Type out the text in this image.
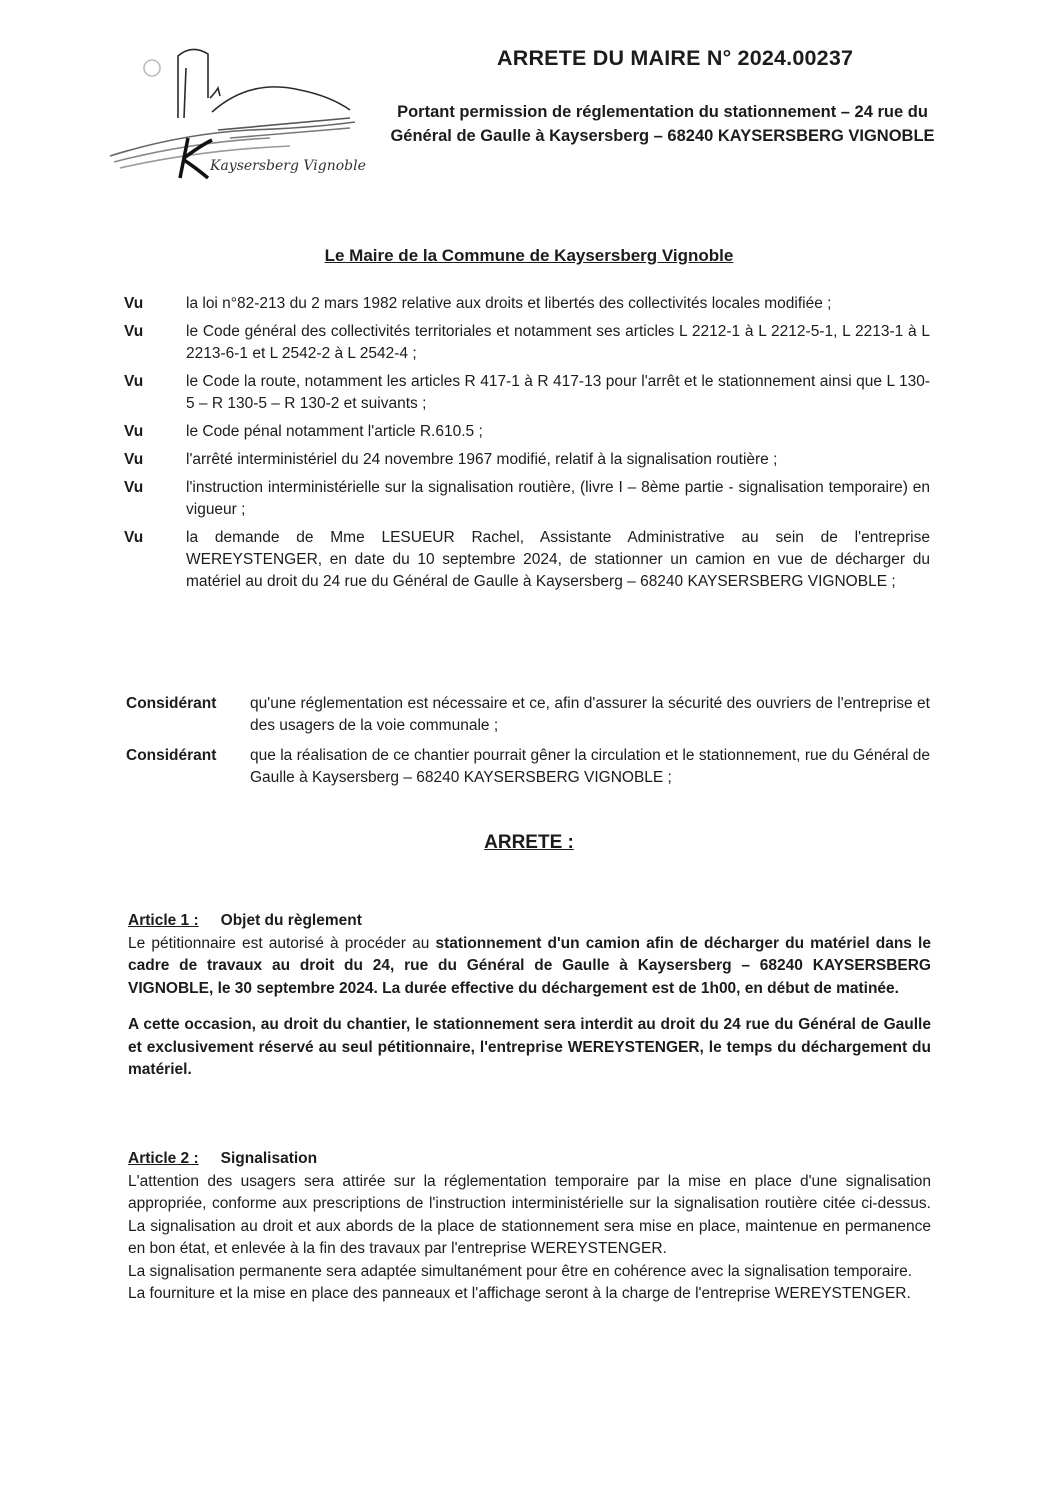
Kaysersberg Vignoble
ARRETE DU MAIRE N° 2024.00237
Portant permission de réglementation du stationnement – 24 rue du Général de Gaulle à Kaysersberg – 68240 KAYSERSBERG VIGNOBLE
Le Maire de la Commune de Kaysersberg Vignoble
Vu	la loi n°82-213 du 2 mars 1982 relative aux droits et libertés des collectivités locales modifiée ;
Vu	le Code général des collectivités territoriales et notamment ses articles L 2212-1 à L 2212-5-1, L 2213-1 à L 2213-6-1 et L 2542-2 à L 2542-4 ;
Vu	le Code la route, notamment les articles R 417-1 à R 417-13 pour l'arrêt et le stationnement ainsi que L 130-5 – R 130-5 – R 130-2 et suivants ;
Vu	le Code pénal notamment l'article R.610.5 ;
Vu	l'arrêté interministériel du 24 novembre 1967 modifié, relatif à la signalisation routière ;
Vu	l'instruction interministérielle sur la signalisation routière, (livre I – 8ème partie - signalisation temporaire) en vigueur ;
Vu	la demande de Mme LESUEUR Rachel, Assistante Administrative au sein de l'entreprise WEREYSTENGER, en date du 10 septembre 2024, de stationner un camion en vue de décharger du matériel au droit du 24 rue du Général de Gaulle à Kaysersberg – 68240 KAYSERSBERG VIGNOBLE ;
Considérant	qu'une réglementation est nécessaire et ce, afin d'assurer la sécurité des ouvriers de l'entreprise et des usagers de la voie communale ;
Considérant	que la réalisation de ce chantier pourrait gêner la circulation et le stationnement, rue du Général de Gaulle à Kaysersberg – 68240 KAYSERSBERG VIGNOBLE ;
ARRETE :
Article 1 : Objet du règlement
Le pétitionnaire est autorisé à procéder au stationnement d'un camion afin de décharger du matériel dans le cadre de travaux au droit du 24, rue du Général de Gaulle à Kaysersberg – 68240 KAYSERSBERG VIGNOBLE, le 30 septembre 2024. La durée effective du déchargement est de 1h00, en début de matinée.
A cette occasion, au droit du chantier, le stationnement sera interdit au droit du 24 rue du Général de Gaulle et exclusivement réservé au seul pétitionnaire, l'entreprise WEREYSTENGER, le temps du déchargement du matériel.
Article 2 : Signalisation
L'attention des usagers sera attirée sur la réglementation temporaire par la mise en place d'une signalisation appropriée, conforme aux prescriptions de l'instruction interministérielle sur la signalisation routière citée ci-dessus. La signalisation au droit et aux abords de la place de stationnement sera mise en place, maintenue en permanence en bon état, et enlevée à la fin des travaux par l'entreprise WEREYSTENGER.
La signalisation permanente sera adaptée simultanément pour être en cohérence avec la signalisation temporaire.
La fourniture et la mise en place des panneaux et l'affichage seront à la charge de l'entreprise WEREYSTENGER.
